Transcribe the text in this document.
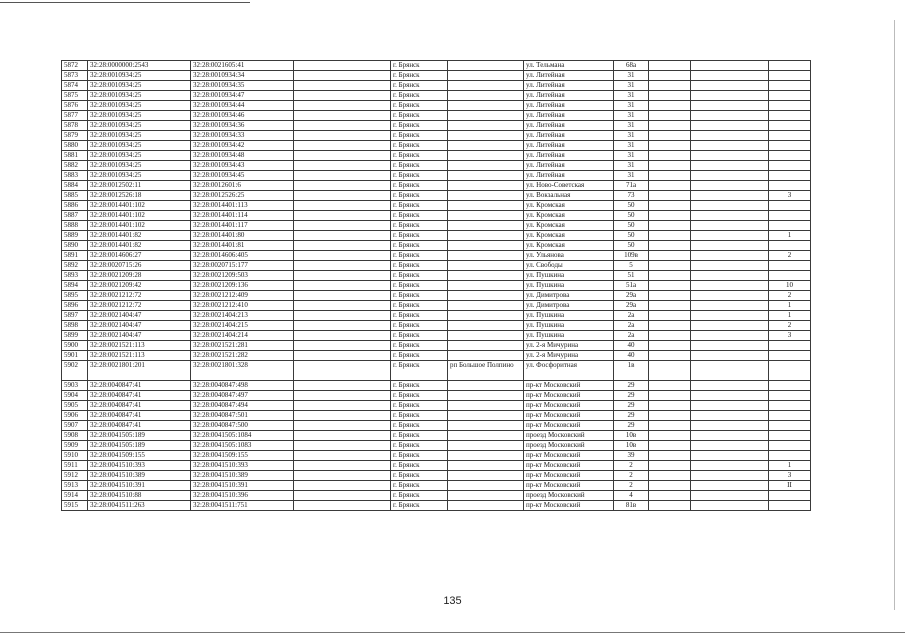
5872	32:28:0000000:2543	32:28:0021605:41		г. Брянск		ул. Тельмана	68а			
5873	32:28:0010934:25	32:28:0010934:34		г. Брянск		ул. Литейная	31			
5874	32:28:0010934:25	32:28:0010934:35		г. Брянск		ул. Литейная	31			
5875	32:28:0010934:25	32:28:0010934:47		г. Брянск		ул. Литейная	31			
5876	32:28:0010934:25	32:28:0010934:44		г. Брянск		ул. Литейная	31			
5877	32:28:0010934:25	32:28:0010934:46		г. Брянск		ул. Литейная	31			
5878	32:28:0010934:25	32:28:0010934:36		г. Брянск		ул. Литейная	31			
5879	32:28:0010934:25	32:28:0010934:33		г. Брянск		ул. Литейная	31			
5880	32:28:0010934:25	32:28:0010934:42		г. Брянск		ул. Литейная	31			
5881	32:28:0010934:25	32:28:0010934:48		г. Брянск		ул. Литейная	31			
5882	32:28:0010934:25	32:28:0010934:43		г. Брянск		ул. Литейная	31			
5883	32:28:0010934:25	32:28:0010934:45		г. Брянск		ул. Литейная	31			
5884	32:28:0012502:11	32:28:0012601:6		г. Брянск		ул. Ново-Советская	71а			
5885	32:28:0012526:18	32:28:0012526:25		г. Брянск		ул. Вокзальная	73			3
5886	32:28:0014401:102	32:28:0014401:113		г. Брянск		ул. Кромская	50			
5887	32:28:0014401:102	32:28:0014401:114		г. Брянск		ул. Кромская	50			
5888	32:28:0014401:102	32:28:0014401:117		г. Брянск		ул. Кромская	50			
5889	32:28:0014401:82	32:28:0014401:80		г. Брянск		ул. Кромская	50			1
5890	32:28:0014401:82	32:28:0014401:81		г. Брянск		ул. Кромская	50			
5891	32:28:0014606:27	32:28:0014606:405		г. Брянск		ул. Ульянова	109в			2
5892	32:28:0020715:26	32:28:0020715:177		г. Брянск		ул. Свободы	5			
5893	32:28:0021209:28	32:28:0021209:503		г. Брянск		ул. Пушкина	51			
5894	32:28:0021209:42	32:28:0021209:136		г. Брянск		ул. Пушкина	51а			10
5895	32:28:0021212:72	32:28:0021212:409		г. Брянск		ул. Димитрова	29а			2
5896	32:28:0021212:72	32:28:0021212:410		г. Брянск		ул. Димитрова	29а			1
5897	32:28:0021404:47	32:28:0021404:213		г. Брянск		ул. Пушкина	2а			1
5898	32:28:0021404:47	32:28:0021404:215		г. Брянск		ул. Пушкина	2а			2
5899	32:28:0021404:47	32:28:0021404:214		г. Брянск		ул. Пушкина	2а			3
5900	32:28:0021521:113	32:28:0021521:281		г. Брянск		ул. 2-я Мичурина	40			
5901	32:28:0021521:113	32:28:0021521:282		г. Брянск		ул. 2-я Мичурина	40			
5902	32:28:0021801:201	32:28:0021801:328		г. Брянск	рп Большое Полпино	ул. Фосфоритная	1в			
5903	32:28:0040847:41	32:28:0040847:498		г. Брянск		пр-кт Московский	29			
5904	32:28:0040847:41	32:28:0040847:497		г. Брянск		пр-кт Московский	29			
5905	32:28:0040847:41	32:28:0040847:494		г. Брянск		пр-кт Московский	29			
5906	32:28:0040847:41	32:28:0040847:501		г. Брянск		пр-кт Московский	29			
5907	32:28:0040847:41	32:28:0040847:500		г. Брянск		пр-кт Московский	29			
5908	32:28:0041505:189	32:28:0041505:1084		г. Брянск		проезд Московский	10в			
5909	32:28:0041505:189	32:28:0041505:1083		г. Брянск		проезд Московский	10в			
5910	32:28:0041509:155	32:28:0041509:155		г. Брянск		пр-кт Московский	39			
5911	32:28:0041510:393	32:28:0041510:393		г. Брянск		пр-кт Московский	2			1
5912	32:28:0041510:389	32:28:0041510:389		г. Брянск		пр-кт Московский	2			3
5913	32:28:0041510:391	32:28:0041510:391		г. Брянск		пр-кт Московский	2			II
5914	32:28:0041510:88	32:28:0041510:396		г. Брянск		проезд Московский	4			
5915	32:28:0041511:263	32:28:0041511:751		г. Брянск		пр-кт Московский	81в			
135
